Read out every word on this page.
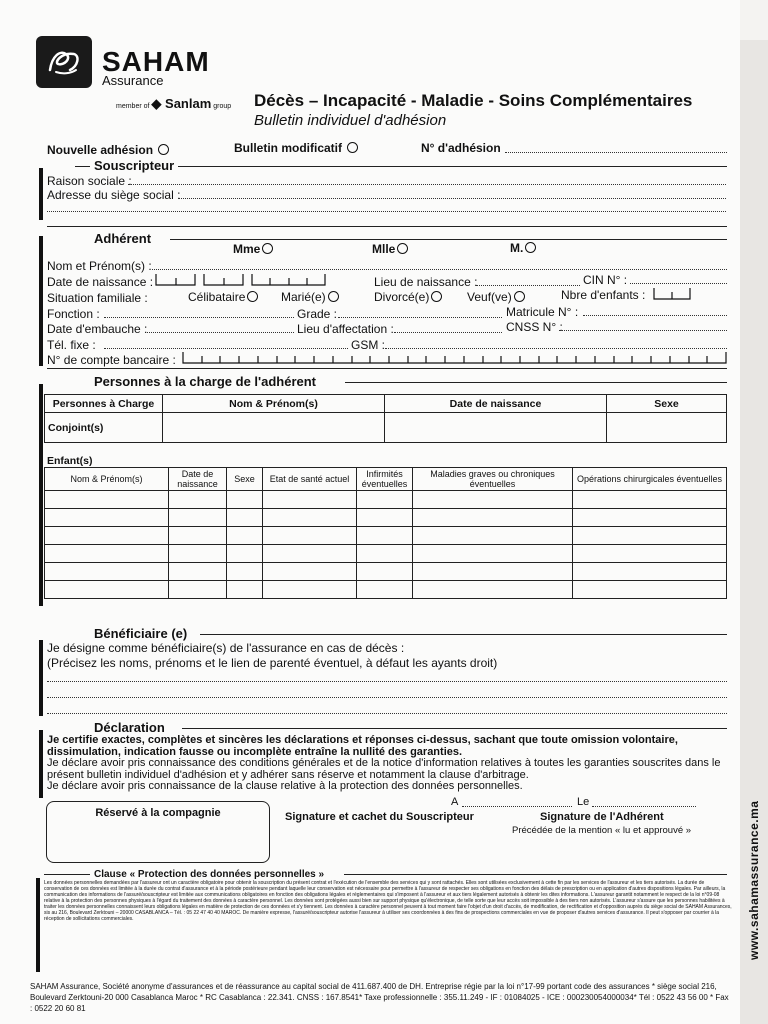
SAHAM
Assurance
member of ◆ Sanlam group Décès – Incapacité - Maladie - Soins Complémentaires
Bulletin individuel d'adhésion
Nouvelle adhésion	Bulletin modificatif	N° d'adhésion
Souscripteur
Raison sociale :
Adresse du siège social :
Adhérent
Mme	Mlle	M.
Nom et Prénom(s) :
Date de naissance :	Lieu de naissance :	CIN N° :
Situation familiale :	Célibataire	Marié(e)	Divorcé(e)	Veuf(ve)	Nbre d'enfants :
Fonction :	Grade :	Matricule N° :
Date d'embauche :	Lieu d'affectation :	CNSS N° :
Tél. fixe :	GSM :
N° de compte bancaire :
Personnes à la charge de l'adhérent
Personnes à Charge	Nom & Prénom(s)	Date de naissance	Sexe
Conjoint(s)			
Enfant(s)
Nom & Prénom(s)	Date de naissance	Sexe	Etat de santé actuel	Infirmités éventuelles	Maladies graves ou chroniques éventuelles	Opérations chirurgicales éventuelles

Bénéficiaire (e)
Je désigne comme bénéficiaire(s) de l'assurance en cas de décès :
(Précisez les noms, prénoms et le lien de parenté éventuel, à défaut les ayants droit)
Déclaration

Je certifie exactes, complètes et sincères les déclarations et réponses ci-dessus, sachant que toute omission volontaire, dissimulation, indication fausse ou incomplète entraîne la nullité des garanties.

Je déclare avoir pris connaissance des conditions générales et de la notice d'information relatives à toutes les garanties souscrites dans le présent bulletin individuel d'adhésion et y adhérer sans réserve et notamment la clause d'arbitrage.

Je déclare avoir pris connaissance de la clause relative à la protection des données personnelles.

Réservé à la compagnie
A	Le
Signature et cachet du Souscripteur	Signature de l'Adhérent
Précédée de la mention « lu et approuvé »
Clause « Protection des données personnelles »
Les données personnelles demandées par l'assureur ont un caractère obligatoire pour obtenir la souscription du présent contrat et l'exécution de l'ensemble des services qui y sont rattachés. Elles sont utilisées exclusivement à cette fin par les services de l'assureur et les tiers autorisés. La durée de conservation de ces données est limitée à la durée du contrat d'assurance et à la période postérieure pendant laquelle leur conservation est nécessaire pour permettre à l'assureur de respecter ses obligations en fonction des délais de prescription ou en application d'autres dispositions légales. Par ailleurs, la communication des informations de l'assuré/souscripteur est limitée aux communications obligatoires en fonction des obligations légales et réglementaires qui s'imposent à l'assureur et aux tiers légalement autorisés à obtenir les dites informations. L'assureur garantit notamment le respect de la loi n°09-08 relative à la protection des personnes physiques à l'égard du traitement des données à caractère personnel. Les données sont protégées aussi bien sur support physique qu'électronique, de telle sorte que leur accès soit impossible à des tiers non autorisés. L'assureur s'assure que les personnes habilitées à traiter les données personnelles connaissent leurs obligations légales en matière de protection de ces données et s'y tiennent. Les données à caractère personnel peuvent à tout moment faire l'objet d'un droit d'accès, de modification, de rectification et d'opposition auprès du siège social de SAHAM Assurances, sis au 216, Boulevard Zerktouni – 20000 CASABLANCA – Tél. : 05 22 47 40 40 MAROC. De manière expresse, l'assuré/souscripteur autorise l'assureur à utiliser ses coordonnées à des fins de prospections commerciales en vue de proposer d'autres services d'assurance. Il peut s'opposer par courrier à la réception de sollicitations commerciales.
SAHAM Assurance, Société anonyme d'assurances et de réassurance au capital social de 411.687.400 de DH. Entreprise régie par la loi n°17-99 portant code des assurances * siège social 216, Boulevard Zerktouni-20 000 Casablanca Maroc * RC Casablanca : 22.341. CNSS : 167.8541* Taxe professionnelle : 355.11.249 - IF : 01084025 - ICE : 000230054000034* Tél : 0522 43 56 00 * Fax : 0522 20 60 81
www.sahamassurance.ma
